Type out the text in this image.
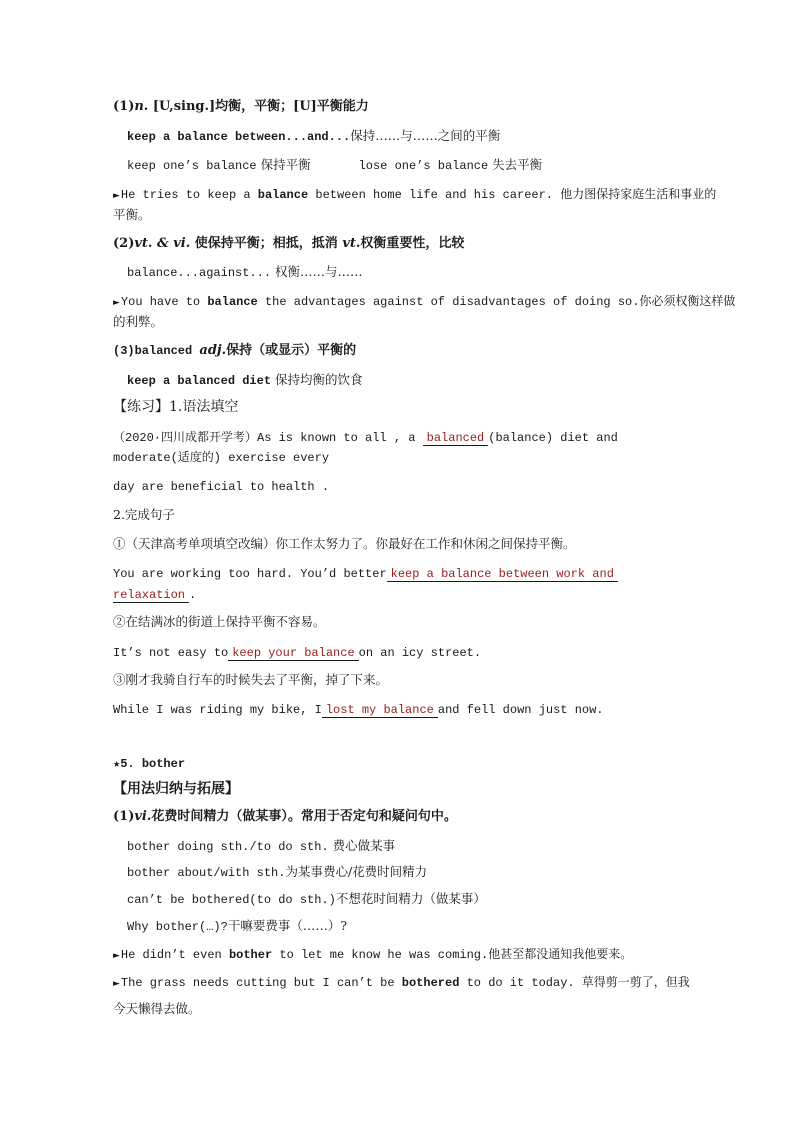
(1)n. [U,sing.]均衡，平衡；[U]平衡能力
keep a balance between...and...保持……与……之间的平衡
keep one’s balance 保持平衡	lose one’s balance 失去平衡
►He tries to keep a balance between home life and his career. 他力图保持家庭生活和事业的
平衡。
(2)vt. & vi. 使保持平衡；相抵，抵消 vt.权衡重要性，比较
balance...against... 权衡……与……
►You have to balance the advantages against of disadvantages of doing so.你必须权衡这样做
的利弊。
(3)balanced adj.保持（或显示）平衡的
keep a balanced diet 保持均衡的饮食
【练习】1.语法填空
（2020·四川成都开学考）As is known to all , a balanced(balance) diet and
moderate(适度的) exercise every
day are beneficial to health .
2.完成句子
①（天津高考单项填空改编）你工作太努力了。你最好在工作和休闲之间保持平衡。
You are working too hard. You’d better keep a balance between work and
relaxation.
②在结满冰的街道上保持平衡不容易。
It’s not easy tokeep your balanceon an icy street.
③刚才我骑自行车的时候失去了平衡，掉了下来。
While I was riding my bike, I lost my balanceand fell down just now.
★5. bother
【用法归纳与拓展】
(1)vi.花费时间精力（做某事）。常用于否定句和疑问句中。
bother doing sth./to do sth. 费心做某事
bother about/with sth.为某事费心/花费时间精力
can’t be bothered(to do sth.)不想花时间精力（做某事）
Why bother(…)?干嘛要费事（……）?
►He didn’t even bother to let me know he was coming.他甚至都没通知我他要来。
►The grass needs cutting but I can’t be bothered to do it today. 草得剪一剪了，但我
今天懒得去做。
